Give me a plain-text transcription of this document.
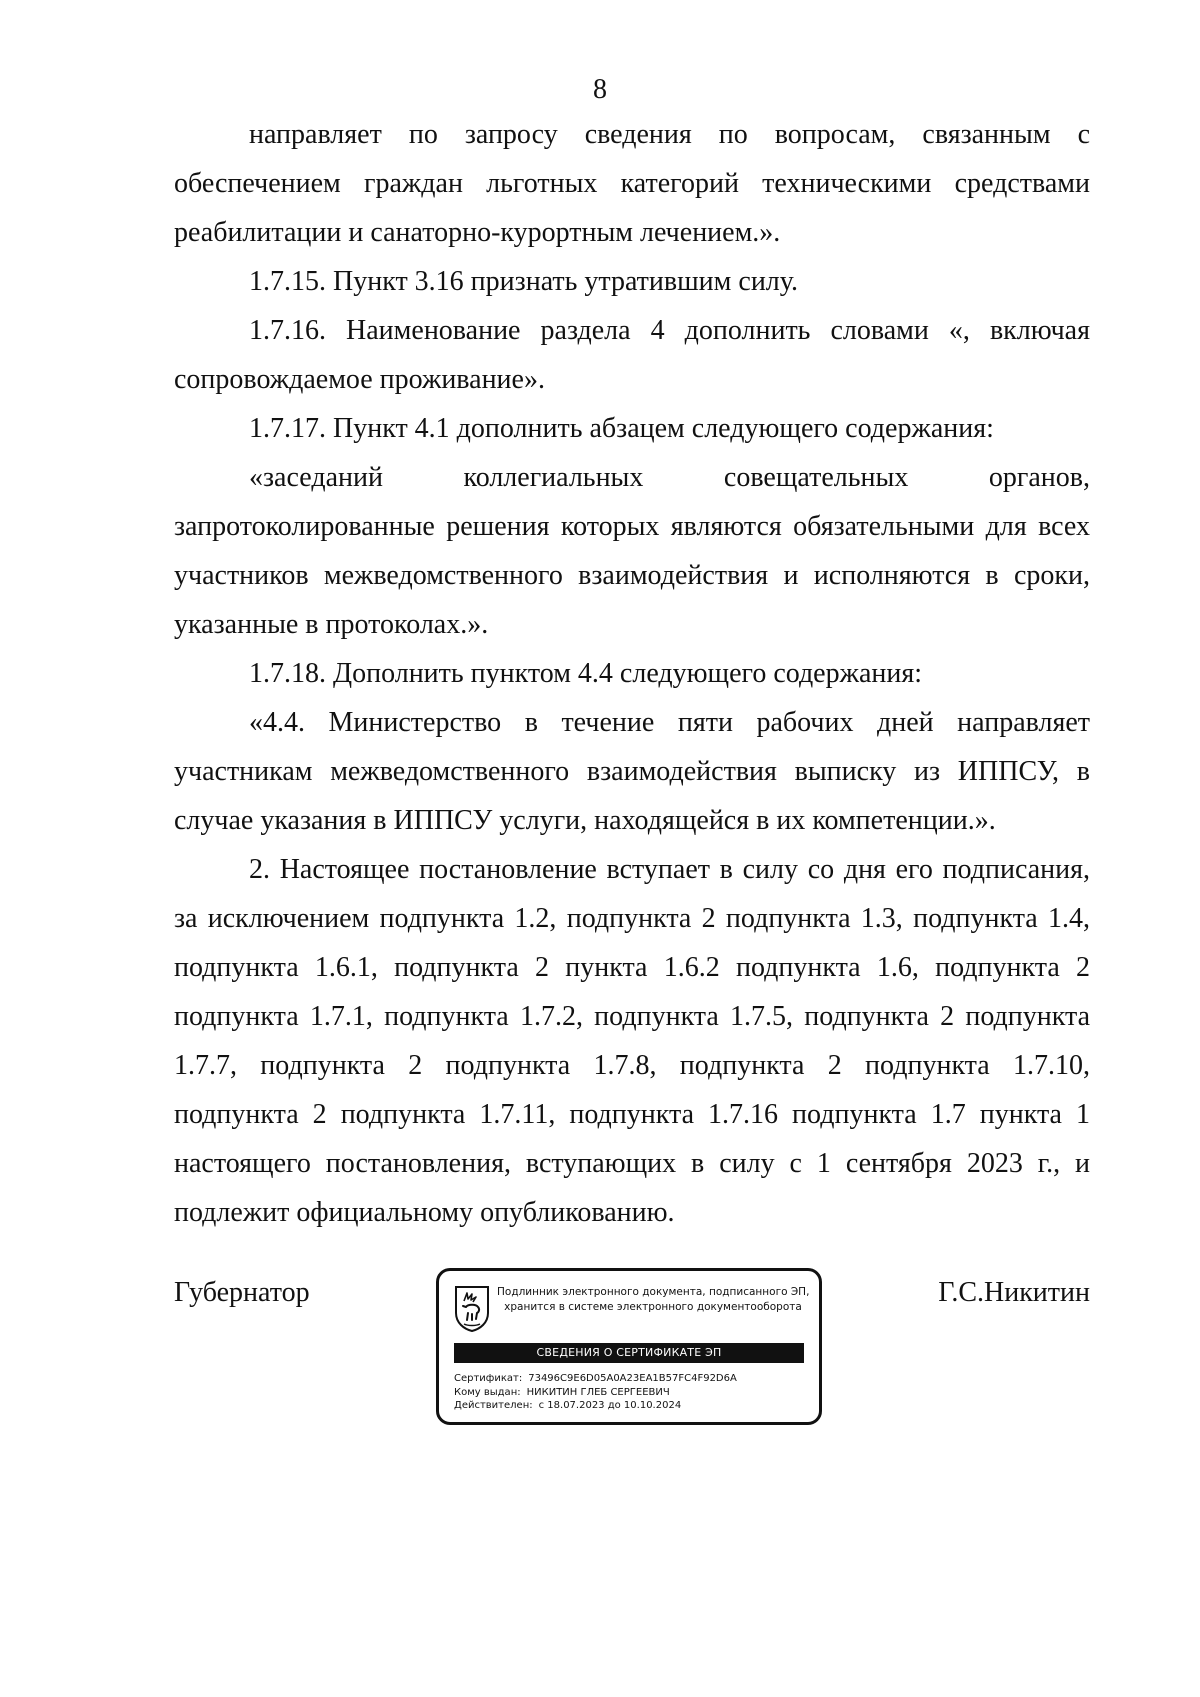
8

направляет по запросу сведения по вопросам, связанным с обеспечением граждан льготных категорий техническими средствами реабилитации и санаторно-курортным лечением.».

1.7.15. Пункт 3.16 признать утратившим силу.

1.7.16. Наименование раздела 4 дополнить словами «, включая сопровождаемое проживание».

1.7.17. Пункт 4.1 дополнить абзацем следующего содержания:

«заседаний коллегиальных совещательных органов, запротоколированные решения которых являются обязательными для всех участников межведомственного взаимодействия и исполняются в сроки, указанные в протоколах.».

1.7.18. Дополнить пунктом 4.4 следующего содержания:

«4.4. Министерство в течение пяти рабочих дней направляет участникам межведомственного взаимодействия выписку из ИППСУ, в случае указания в ИППСУ услуги, находящейся в их компетенции.».

2. Настоящее постановление вступает в силу со дня его подписания, за исключением подпункта 1.2, подпункта 2 подпункта 1.3, подпункта 1.4, подпункта 1.6.1, подпункта 2 пункта 1.6.2 подпункта 1.6, подпункта 2 подпункта 1.7.1, подпункта 1.7.2, подпункта 1.7.5, подпункта 2 подпункта 1.7.7, подпункта 2 подпункта 1.7.8, подпункта 2 подпункта 1.7.10, подпункта 2 подпункта 1.7.11, подпункта 1.7.16 подпункта 1.7 пункта 1 настоящего постановления, вступающих в силу с 1 сентября 2023 г., и подлежит официальному опубликованию.

Губернатор	Г.С.Никитин
Подлинник электронного документа, подписанного ЭП,
хранится в системе электронного документооборота
СВЕДЕНИЯ О СЕРТИФИКАТЕ ЭП
Сертификат: 73496C9E6D05A0A23EA1B57FC4F92D6A
Кому выдан: НИКИТИН ГЛЕБ СЕРГЕЕВИЧ
Действителен: с 18.07.2023 до 10.10.2024
